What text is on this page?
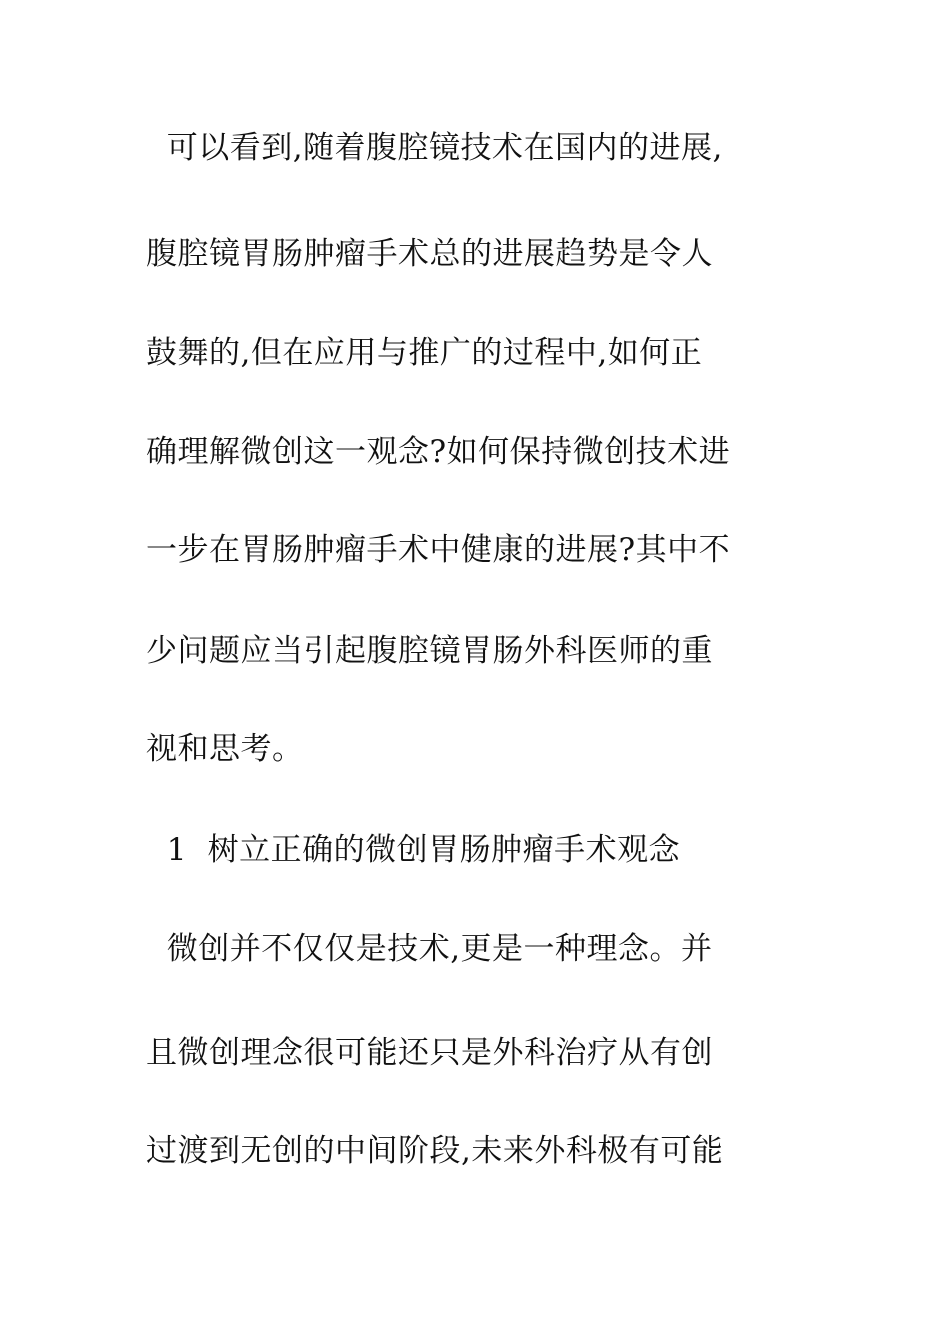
可以看到,随着腹腔镜技术在国内的进展,
腹腔镜胃肠肿瘤手术总的进展趋势是令人
鼓舞的,但在应用与推广的过程中,如何正
确理解微创这一观念?如何保持微创技术进
一步在胃肠肿瘤手术中健康的进展?其中不
少问题应当引起腹腔镜胃肠外科医师的重
视和思考。
1  树立正确的微创胃肠肿瘤手术观念
微创并不仅仅是技术,更是一种理念。并
且微创理念很可能还只是外科治疗从有创
过渡到无创的中间阶段,未来外科极有可能
